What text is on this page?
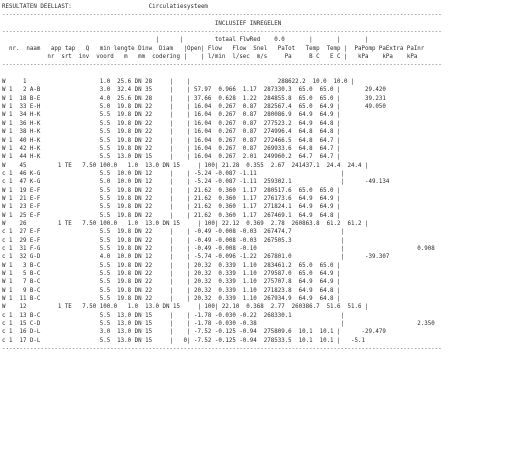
RESULTATEN DEELLAST:	Circulatiesysteem
------------------------------------------------------------------------------------------------------------------------------
INCLUSIEF INREGELEN
------------------------------------------------------------------------------------------------------------------------------
|      |         totaal FlwRed    0.0       |       |       |
nr.  naam   app tap   Q   min lengte Dinw  Diam   |Open| Flow   Flow  Snel   PaTot   Temp  Temp |  PaPomp PaExtra PaInr
nr  srt  inv  voord   m   mm  codering |    | l/min  l/sec  m/s     Pa     B C   E C |   kPa    kPa    kPa
------------------------------------------------------------------------------------------------------------------------------
W     1                     1.0  25.6 DN 28     |    |                         288622.2  10.0  10.0 |
W 1   2 A-B                 3.0  32.4 DN 35     |    | 57.97  0.966  1.17  287330.3  65.0  65.0 |       29.420
W 1  18 B-E                 4.0  25.6 DN 28     |    | 37.66  0.628  1.22  284855.8  65.0  65.0 |       39.231
W 1  33 E-H                 5.0  19.8 DN 22     |    | 16.04  0.267  0.87  282567.4  65.0  64.9 |       49.050
W 1  34 H-K                 5.5  19.8 DN 22     |    | 16.04  0.267  0.87  280086.9  64.9  64.9 |
W 1  36 H-K                 5.5  19.8 DN 22     |    | 16.04  0.267  0.87  277523.2  64.9  64.8 |
W 1  38 H-K                 5.5  19.8 DN 22     |    | 16.04  0.267  0.87  274996.4  64.8  64.8 |
W 1  40 H-K                 5.5  19.8 DN 22     |    | 16.04  0.267  0.87  272466.5  64.8  64.7 |
W 1  42 H-K                 5.5  19.8 DN 22     |    | 16.04  0.267  0.87  269933.6  64.8  64.7 |
W 1  44 H-K                 5.5  13.0 DN 15     |    | 16.04  0.267  2.01  249960.2  64.7  64.7 |
W    45         1 TE   7.50 100.0   1.0  13.0 DN 15     | 100| 21.28  0.355  2.67  241437.1  24.4  24.4 |
c 1  46 K-G                 5.5  10.0 DN 12     |    | -5.24 -0.087 -1.11                        |
c 1  47 K-G                 5.0  10.0 DN 12     |    | -5.24 -0.087 -1.11  259302.1              |      -49.134
W 1  19 E-F                 5.5  19.8 DN 22     |    | 21.62  0.360  1.17  280517.6  65.0  65.0 |
W 1  21 E-F                 5.5  19.8 DN 22     |    | 21.62  0.360  1.17  276173.6  64.9  64.9 |
W 1  23 E-F                 5.5  19.8 DN 22     |    | 21.62  0.360  1.17  271824.1  64.9  64.9 |
W 1  25 E-F                 5.5  19.8 DN 22     |    | 21.62  0.360  1.17  267469.1  64.9  64.8 |
W    26         1 TE   7.50 100.0   1.0  13.0 DN 15     | 100| 22.12  0.369  2.78  260863.8  61.2  61.2 |
c 1  27 E-F                 5.5  19.8 DN 22     |    | -0.49 -0.008 -0.03  267474.7              |
c 1  29 E-F                 5.5  19.8 DN 22     |    | -0.49 -0.008 -0.03  267505.3              |
c 1  31 F-G                 5.5  19.8 DN 22     |    | -0.49 -0.008 -0.10                        |                     0.908
c 1  32 G-D                 4.0  10.0 DN 12     |    | -5.74 -0.096 -1.22  267801.0              |      -39.307
W 1   3 B-C                 5.5  19.8 DN 22     |    | 20.32  0.339  1.10  283461.2  65.0  65.0 |
W 1   5 B-C                 5.5  19.8 DN 22     |    | 20.32  0.339  1.10  279587.0  65.0  64.9 |
W 1   7 B-C                 5.5  19.8 DN 22     |    | 20.32  0.339  1.10  275707.8  64.9  64.9 |
W 1   9 B-C                 5.5  19.8 DN 22     |    | 20.32  0.339  1.10  271823.8  64.9  64.8 |
W 1  11 B-C                 5.5  19.8 DN 22     |    | 20.32  0.339  1.10  267934.9  64.9  64.8 |
W    12         1 TE   7.50 100.0   1.0  13.0 DN 15     | 100| 22.10  0.368  2.77  260386.7  51.6  51.6 |
c 1  13 B-C                 5.5  13.0 DN 15     |    | -1.78 -0.030 -0.22  268330.1              |
c 1  15 C-D                 5.5  13.0 DN 15     |    | -1.78 -0.030 -0.38                        |                     2.350
c 1  16 D-L                 3.0  13.0 DN 15     |    | -7.52 -0.125 -0.94  275809.6  10.1  10.1 |      -29.479
c 1  17 D-L                 5.5  13.0 DN 15     |   0| -7.52 -0.125 -0.94  278533.5  10.1  10.1 |   -5.1
------------------------------------------------------------------------------------------------------------------------------
